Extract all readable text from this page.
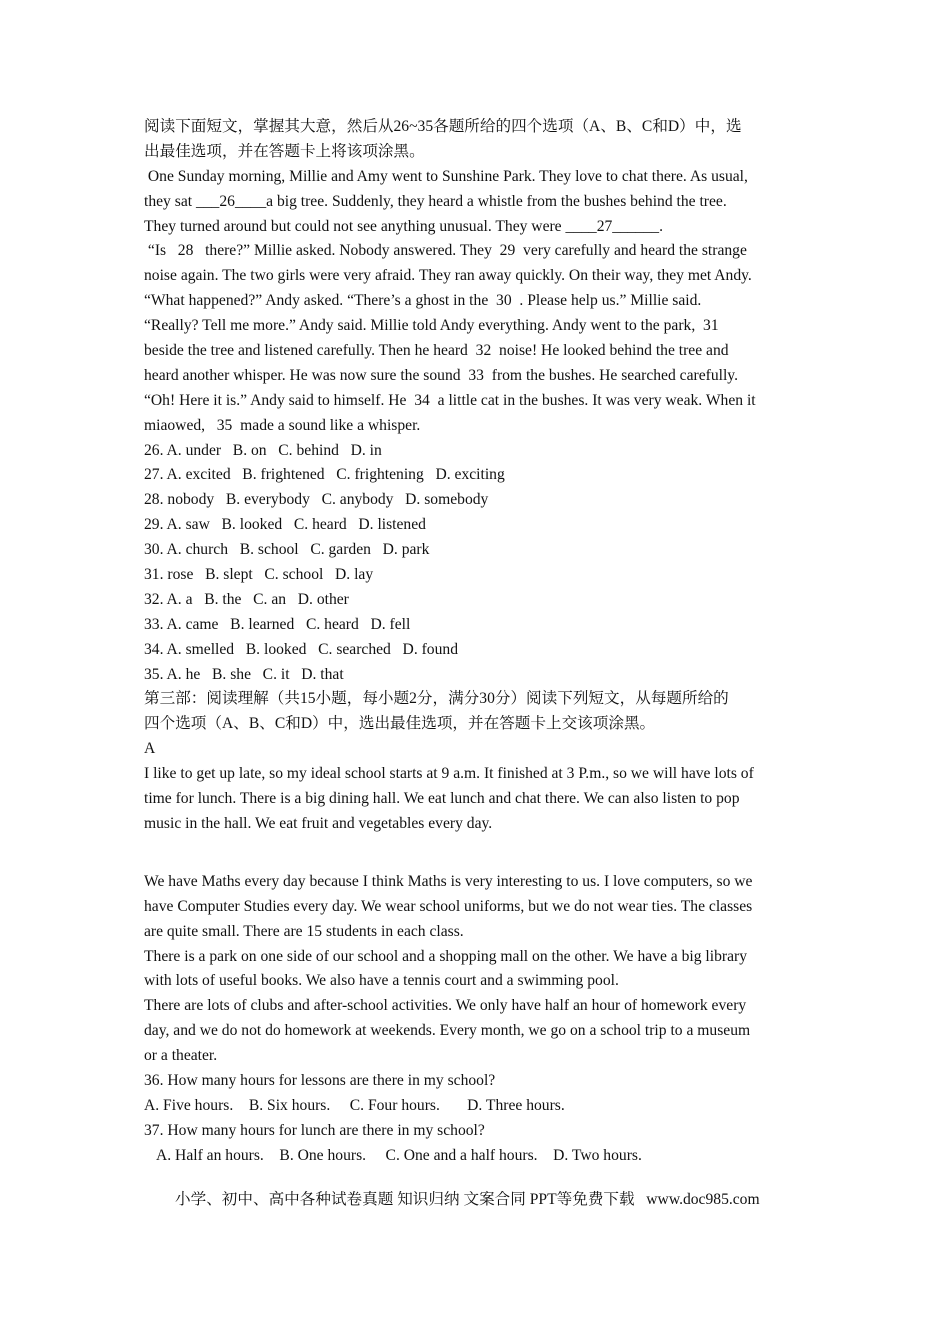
阅读下面短文，掌握其大意，然后从26~35各题所给的四个选项（A、B、C和D）中，选
出最佳选项，并在答题卡上将该项涂黑。
One Sunday morning, Millie and Amy went to Sunshine Park. They love to chat there. As usual,
they sat ___26____a big tree. Suddenly, they heard a whistle from the bushes behind the tree.
They turned around but could not see anything unusual. They were ____27______.
“Is   28   there?” Millie asked. Nobody answered. They  29  very carefully and heard the strange
noise again. The two girls were very afraid. They ran away quickly. On their way, they met Andy.
“What happened?” Andy asked. “There’s a ghost in the  30  . Please help us.” Millie said.
“Really? Tell me more.” Andy said. Millie told Andy everything. Andy went to the park,  31
beside the tree and listened carefully. Then he heard  32  noise! He looked behind the tree and
heard another whisper. He was now sure the sound  33  from the bushes. He searched carefully.
“Oh! Here it is.” Andy said to himself. He  34  a little cat in the bushes. It was very weak. When it
miaowed,   35  made a sound like a whisper.
26. A. under   B. on   C. behind   D. in
27. A. excited   B. frightened   C. frightening   D. exciting
28. nobody   B. everybody   C. anybody   D. somebody
29. A. saw   B. looked   C. heard   D. listened
30. A. church   B. school   C. garden   D. park
31. rose   B. slept   C. school   D. lay
32. A. a   B. the   C. an   D. other
33. A. came   B. learned   C. heard   D. fell
34. A. smelled   B. looked   C. searched   D. found
35. A. he   B. she   C. it   D. that
第三部：阅读理解（共15小题，每小题2分，满分30分）阅读下列短文，从每题所给的
四个选项（A、B、C和D）中，选出最佳选项，并在答题卡上交该项涂黑。
A
I like to get up late, so my ideal school starts at 9 a.m. It finished at 3 P.m., so we will have lots of
time for lunch. There is a big dining hall. We eat lunch and chat there. We can also listen to pop
music in the hall. We eat fruit and vegetables every day.
We have Maths every day because I think Maths is very interesting to us. I love computers, so we
have Computer Studies every day. We wear school uniforms, but we do not wear ties. The classes
are quite small. There are 15 students in each class.
There is a park on one side of our school and a shopping mall on the other. We have a big library
with lots of useful books. We also have a tennis court and a swimming pool.
There are lots of clubs and after-school activities. We only have half an hour of homework every
day, and we do not do homework at weekends. Every month, we go on a school trip to a museum
or a theater.
36. How many hours for lessons are there in my school?
A. Five hours.    B. Six hours.     C. Four hours.       D. Three hours.
37. How many hours for lunch are there in my school?
A. Half an hours.    B. One hours.     C. One and a half hours.    D. Two hours.
小学、初中、高中各种试卷真题 知识归纳 文案合同 PPT等免费下载   www.doc985.com
